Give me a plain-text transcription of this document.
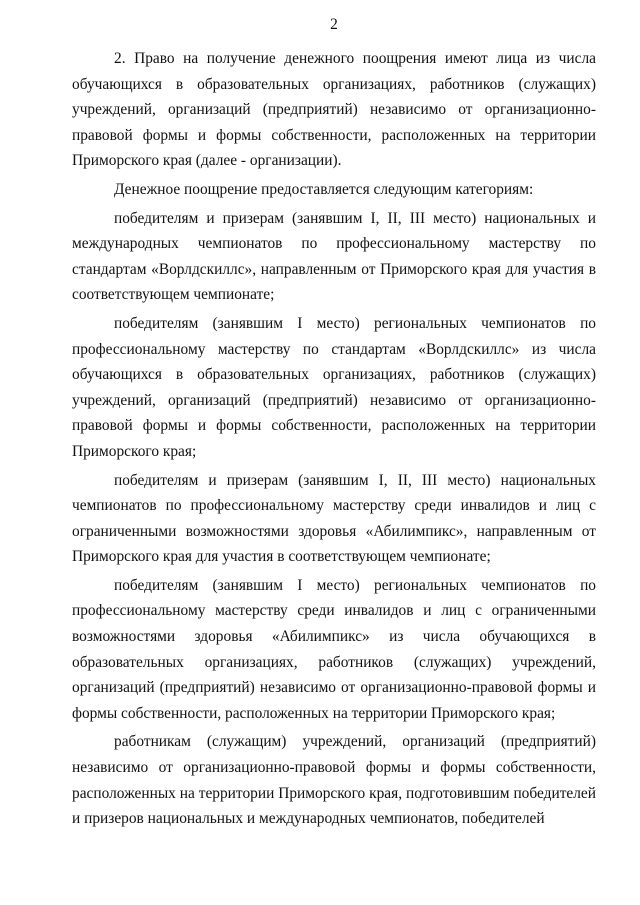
2

2. Право на получение денежного поощрения имеют лица из числа обучающихся в образовательных организациях, работников (служащих) учреждений, организаций (предприятий) независимо от организационно-правовой формы и формы собственности, расположенных на территории Приморского края (далее - организации).

Денежное поощрение предоставляется следующим категориям:

победителям и призерам (занявшим I, II, III место) национальных и международных чемпионатов по профессиональному мастерству по стандартам «Ворлдскиллс», направленным от Приморского края для участия в соответствующем чемпионате;

победителям (занявшим I место) региональных чемпионатов по профессиональному мастерству по стандартам «Ворлдскиллс» из числа обучающихся в образовательных организациях, работников (служащих) учреждений, организаций (предприятий) независимо от организационно-правовой формы и формы собственности, расположенных на территории Приморского края;

победителям и призерам (занявшим I, II, III место) национальных чемпионатов по профессиональному мастерству среди инвалидов и лиц с ограниченными возможностями здоровья «Абилимпикс», направленным от Приморского края для участия в соответствующем чемпионате;

победителям (занявшим I место) региональных чемпионатов по профессиональному мастерству среди инвалидов и лиц с ограниченными возможностями здоровья «Абилимпикс» из числа обучающихся в образовательных организациях, работников (служащих) учреждений, организаций (предприятий) независимо от организационно-правовой формы и формы собственности, расположенных на территории Приморского края;

работникам (служащим) учреждений, организаций (предприятий) независимо от организационно-правовой формы и формы собственности, расположенных на территории Приморского края, подготовившим победителей и призеров национальных и международных чемпионатов, победителей
